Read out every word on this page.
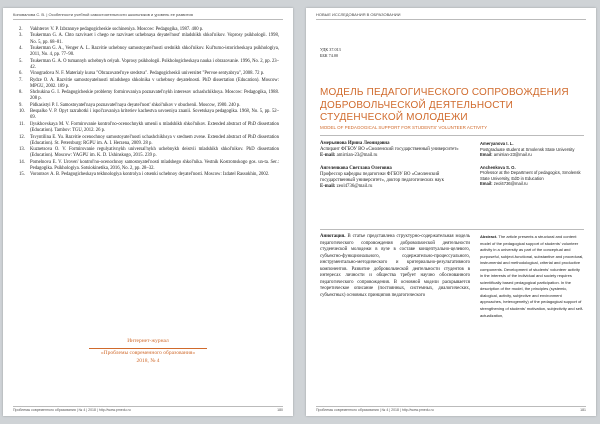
Коновалова С. В. | Особенности учебной самостоятельности школьников и уровень ее развития
2.	Vakhterov V. P. Izbrannye pedagogicheskie sochineniya. Moscow: Pedagogika, 1987. 400 p.
3.	Tsukerman G. A. Chto razvivaet i chego ne razvivaet uchebnaya deyatel'nost' mladshikh shkol'nikov. Voprosy psikhologii. 1998, No. 5, pp. 68–81.
4.	Tsukerman G. A., Venger A. L. Razvitie uchebnoy samostoyatel'nosti srednikh shkol'nikov. Kul'turno-istoricheskaya psikhologiya, 2011, No. 4, pp. 77–90.
5.	Tsukerman G. A. O tumannyh uchebnyh celyah. Voprosy psikhologii. Psikhologicheskaya nauka i obrazovanie. 1996, No. 2, pp. 23–42.
6.	Vinogradova N. F. Materialy kursa "Obrazovatel'nye sredstva". Pedagogicheskii universitet "Pervoe sentyabrya", 2008. 72 p.
7.	Rydze O. A. Razvitie samostoyatelnosti mladshego shkolnika v uchebnoy deyatelnosti. PhD dissertation (Education). Moscow: MPGU, 2002. 189 p.
8.	Shchukina G. I. Pedagogicheskie problemy formirovaniya poznavatel'nykh interesov uchashchikhsya. Moscow: Pedagogika, 1988. 208 p.
9.	Pidkasistyi P. I. Samostoyatel'naya poznavatel'naya deyatel'nost' shkol'nikov v obuchenii. Moscow, 1980. 240 p.
10.	Bespalko V. P. Opyt razrabotki i ispol'zovaniya kriteriev kachestva usvoeniya znanii. Sovetskaya pedagogika. 1968, No. 5, pp. 52–69.
11.	Ilyukhovskaya M. V. Formirovanie kontrol'no-ocenochnykh umenii u mladshikh shkol'nikov. Extended abstract of PhD dissertation (Education). Tambov: TGU, 2012. 26 p.
12.	Tsvyntilina E. Yu. Razvitie ocenochnoy samostoyatel'nosti uchashchikhsya v srednem zvene. Extended abstract of PhD dissertation (Education). St. Petersburg: RGPU im. A. I. Herzena, 2009. 28 p.
13.	Kuznetsova O. V. Formirovanie regulyativnykh universal'nykh uchebnykh deistvii mladshikh shkol'nikov. PhD dissertation (Education). Moscow: YAGPU im. K. D. Ushinskogo, 2015. 239 p.
14.	Pomelnova E. V. Uroven' kontrol'no-ocenochnoy samostoyatel'nosti mladshego shkol'nika. Vestnik Kostromskogo gos. un-ta. Ser.: Pedagogika. Psikhologiya. Sotsiokinetika, 2016, No. 2, pp. 28–32.
15.	Vorontsov A. B. Pedagogicheskaya tekhnologiya kontrolya i otsenki uchebnoy deyatel'nosti. Moscow: Izdatel Rassokhin, 2002.
Интернет-журнал
«Проблемы современного образования»
2018, № 4
Проблемы современного образования | № 4 | 2018 | http://www.pmedu.ru	180
НОВЫЕ ИССЛЕДОВАНИЯ В ОБРАЗОВАНИИ
УДК 37.013
ББК 74.00
МОДЕЛЬ ПЕДАГОГИЧЕСКОГО СОПРОВОЖДЕНИЯ ДОБРОВОЛЬЧЕСКОЙ ДЕЯТЕЛЬНОСТИ СТУДЕНЧЕСКОЙ МОЛОДЕЖИ
MODEL OF PEDAGOGICAL SUPPORT FOR STUDENTS' VOLUNTEER ACTIVITY

Амерьянова Ирина Леонидовна
Аспирант ФГБОУ ВО «Смоленский государственный университет»
E-mail: amirrian-23@mail.ru

Ангеленкова Светлана Олеговна
Профессор кафедры педагогики ФГБОУ ВО «Смоленский государственный университет», доктор педагогических наук
E-mail: zeol4736@mail.ru

Ameryanova I. L.
Postgraduate student at Smolensk State University
Email: amirrian-23@mail.ru

Anchenkova S. O.
Professor at the Department of pedagogics, Smolensk State University, EdD in Education
Email: zeol4736@mail.ru

Аннотация. В статье представлена структурно-содержательная модель педагогического сопровождения добровольческой деятельности студенческой молодежи в вузе в составе концептуально-целевого, субъектно-функционального, содержательно-процессуального, инструментально-методического и критериально-результативного компонентов. Развитие добровольческой деятельности студентов в интересах личности и общества требует научно обоснованного педагогического сопровождения. В основной модели раскрывается теоретическое описание (постоянных, системных, диалогических, субъектных) основных принципов педагогического
Abstract. The article presents a structural and content model of the pedagogical support of students' volunteer activity in a university as part of the conceptual and purposeful, subject-functional, substantive and procedural, instrumental and methodological, criterial and productive components. Development of students' volunteer activity in the interests of the individual and society requires scientifically based pedagogical participation. In the description of the model, the principles (systemic, dialogical, activity, subjective and environment approaches, heterogeneity) of the pedagogical support of strengthening of students' motivation, subjectivity and self-actualization,
Проблемы современного образования | № 4 | 2018 | http://www.pmedu.ru	181
